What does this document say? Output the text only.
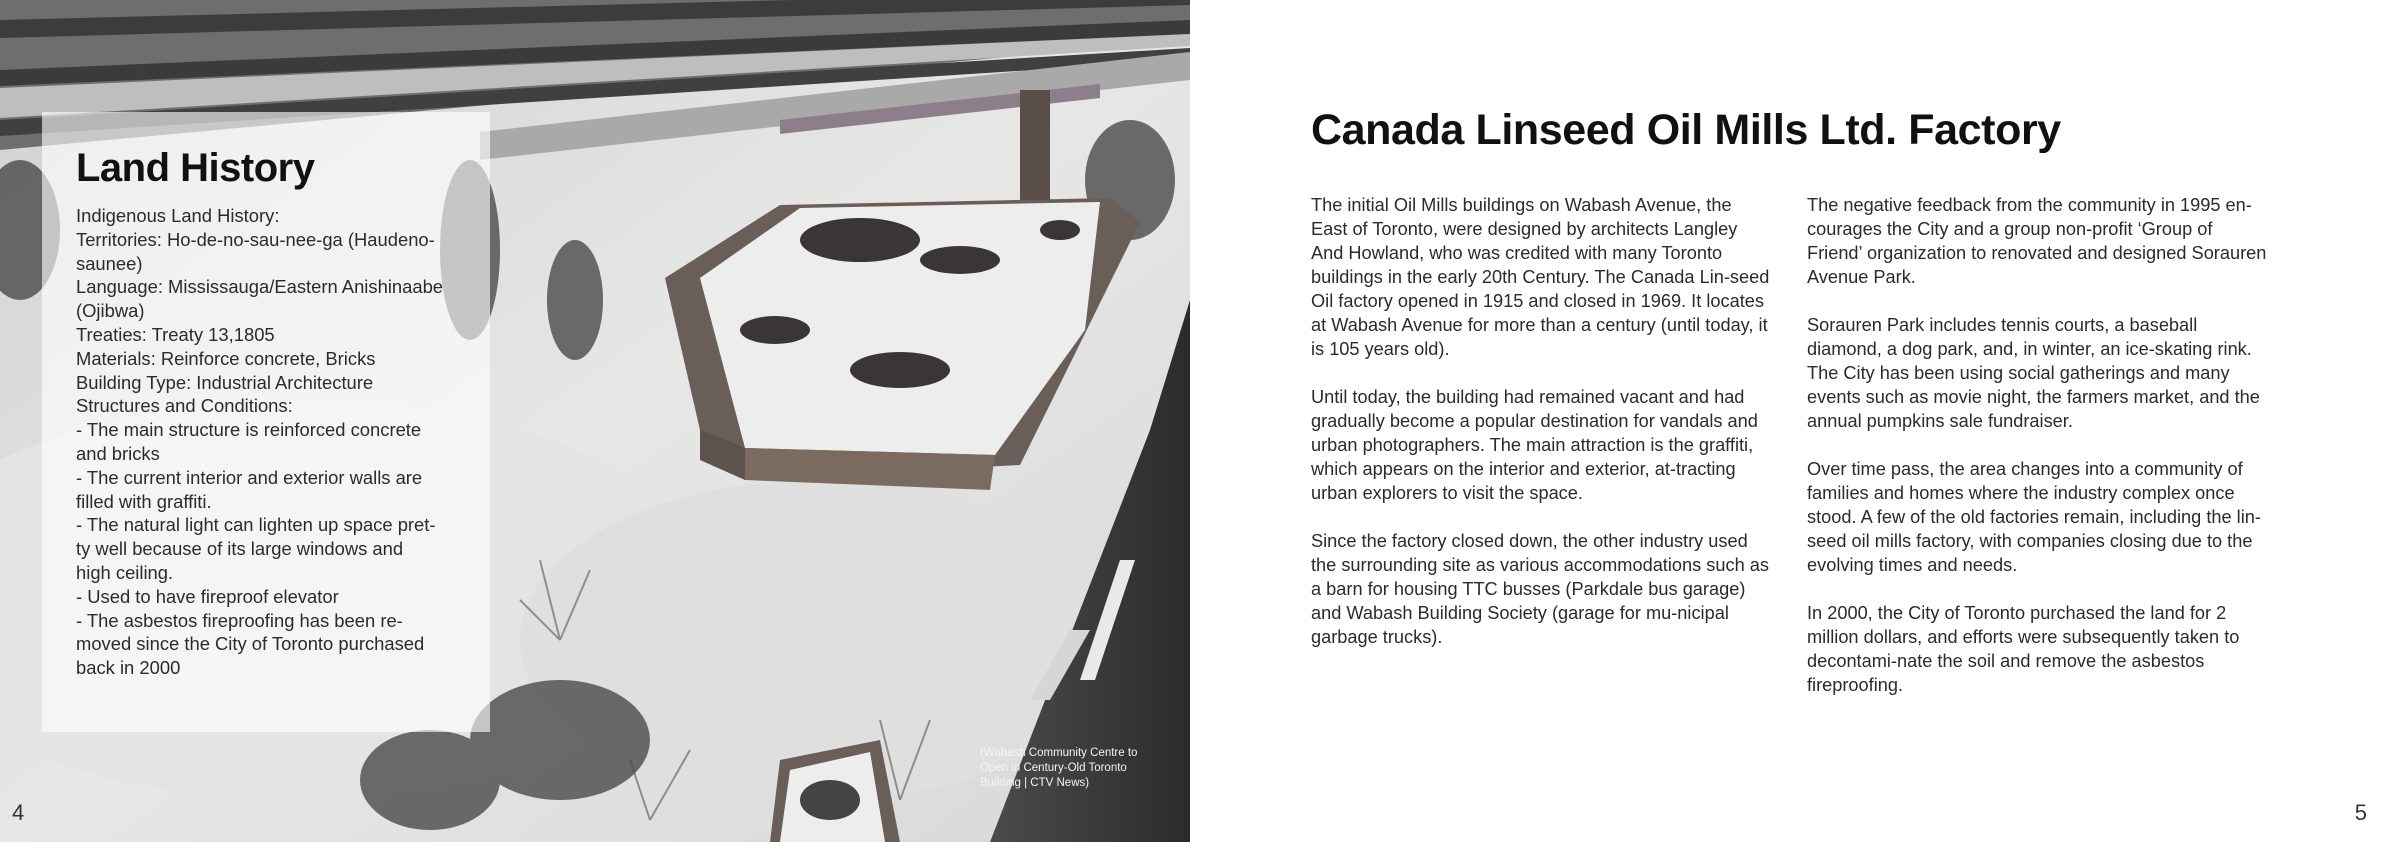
Land History
Indigenous Land History:
Territories: Ho-de-no-sau-nee-ga (Haudeno-
saunee)
Language: Mississauga/Eastern Anishinaabe
(Ojibwa)
Treaties: Treaty 13,1805
Materials: Reinforce concrete, Bricks
Building Type: Industrial Architecture
Structures and Conditions:
- The main structure is reinforced concrete
and bricks
- The current interior and exterior walls are
filled with graffiti.
- The natural light can lighten up space pret-
ty well because of its large windows and
high ceiling.
- Used to have fireproof elevator
- The asbestos fireproofing has been re-
moved since the City of Toronto purchased
back in 2000
(Wabash Community Centre to Open in Century-Old Toronto Building | CTV News)
4
Canada Linseed Oil Mills Ltd. Factory

The initial Oil Mills buildings on Wabash Avenue, the East of Toronto, were designed by architects Langley And Howland, who was credited with many Toronto buildings in the early 20th Century. The Canada Lin-seed Oil factory opened in 1915 and closed in 1969. It locates at Wabash Avenue for more than a century (until today, it is 105 years old).

Until today, the building had remained vacant and had gradually become a popular destination for vandals and urban photographers. The main attraction is the graffiti, which appears on the interior and exterior, at-tracting urban explorers to visit the space.

Since the factory closed down, the other industry used the surrounding site as various accommodations such as a barn for housing TTC busses (Parkdale bus garage) and Wabash Building Society (garage for mu-nicipal garbage trucks).

The negative feedback from the community in 1995 en-courages the City and a group non-profit ‘Group of Friend’ organization to renovated and designed Sorauren Avenue Park.

Sorauren Park includes tennis courts, a baseball diamond, a dog park, and, in winter, an ice-skating rink. The City has been using social gatherings and many events such as movie night, the farmers market, and the annual pumpkins sale fundraiser.

Over time pass, the area changes into a community of families and homes where the industry complex once stood. A few of the old factories remain, including the lin-seed oil mills factory, with companies closing due to the evolving times and needs.

In 2000, the City of Toronto purchased the land for 2 million dollars, and efforts were subsequently taken to decontami-nate the soil and remove the asbestos fireproofing.

5
